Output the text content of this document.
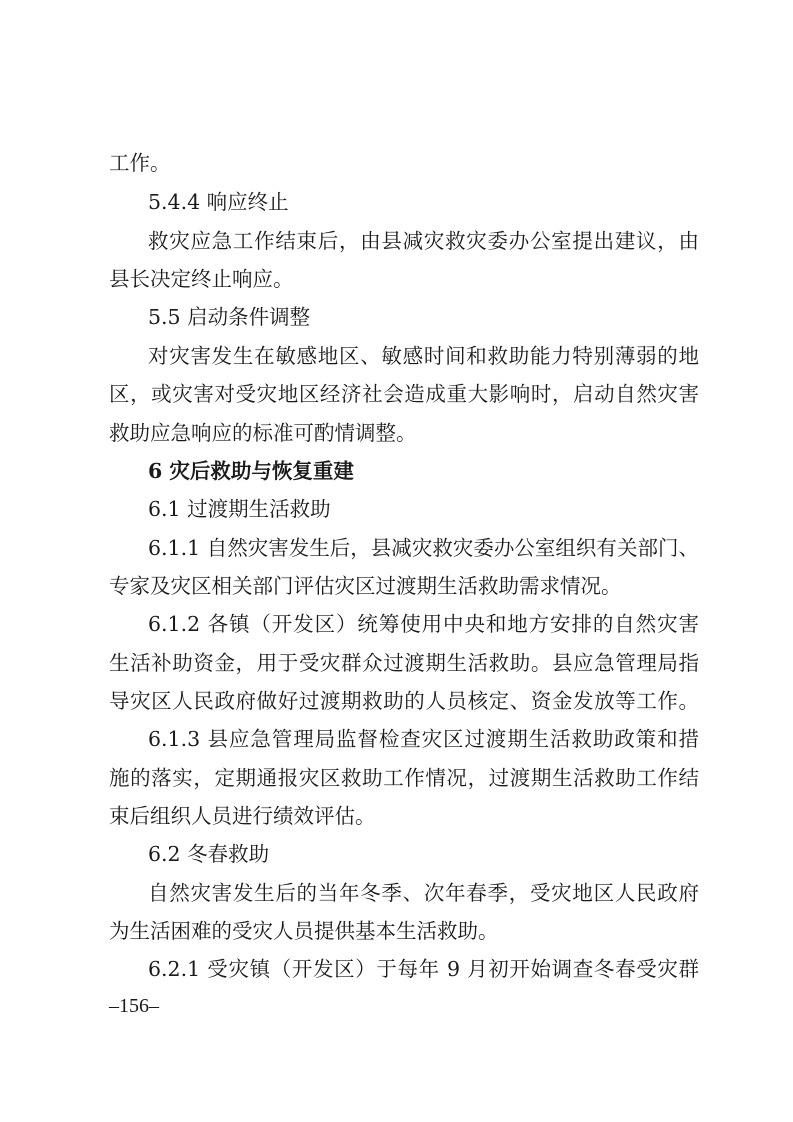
工作。
5.4.4 响应终止
救灾应急工作结束后，由县减灾救灾委办公室提出建议，由
县长决定终止响应。
5.5 启动条件调整
对灾害发生在敏感地区、敏感时间和救助能力特别薄弱的地
区，或灾害对受灾地区经济社会造成重大影响时，启动自然灾害
救助应急响应的标准可酌情调整。
6 灾后救助与恢复重建
6.1 过渡期生活救助
6.1.1 自然灾害发生后，县减灾救灾委办公室组织有关部门、
专家及灾区相关部门评估灾区过渡期生活救助需求情况。
6.1.2 各镇（开发区）统筹使用中央和地方安排的自然灾害
生活补助资金，用于受灾群众过渡期生活救助。县应急管理局指
导灾区人民政府做好过渡期救助的人员核定、资金发放等工作。
6.1.3 县应急管理局监督检查灾区过渡期生活救助政策和措
施的落实，定期通报灾区救助工作情况，过渡期生活救助工作结
束后组织人员进行绩效评估。
6.2 冬春救助
自然灾害发生后的当年冬季、次年春季，受灾地区人民政府
为生活困难的受灾人员提供基本生活救助。
6.2.1 受灾镇（开发区）于每年 9 月初开始调查冬春受灾群
–156–
